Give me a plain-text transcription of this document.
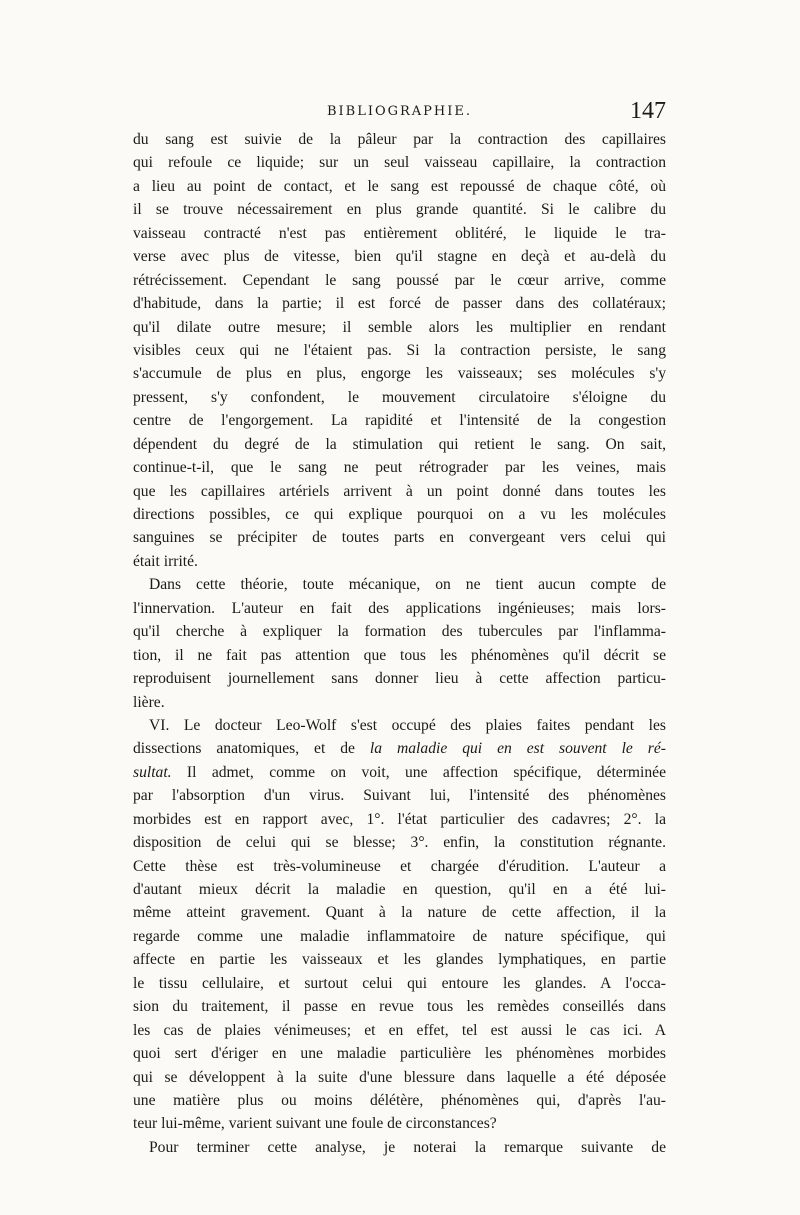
BIBLIOGRAPHIE.	147
du sang est suivie de la pâleur par la contraction des capillaires
qui refoule ce liquide; sur un seul vaisseau capillaire, la contraction
a lieu au point de contact, et le sang est repoussé de chaque côté, où
il se trouve nécessairement en plus grande quantité. Si le calibre du
vaisseau contracté n'est pas entièrement oblitéré, le liquide le tra-
verse avec plus de vitesse, bien qu'il stagne en deçà et au-delà du
rétrécissement. Cependant le sang poussé par le cœur arrive, comme
d'habitude, dans la partie; il est forcé de passer dans des collatéraux;
qu'il dilate outre mesure; il semble alors les multiplier en rendant
visibles ceux qui ne l'étaient pas. Si la contraction persiste, le sang
s'accumule de plus en plus, engorge les vaisseaux; ses molécules s'y
pressent, s'y confondent, le mouvement circulatoire s'éloigne du
centre de l'engorgement. La rapidité et l'intensité de la congestion
dépendent du degré de la stimulation qui retient le sang. On sait,
continue-t-il, que le sang ne peut rétrograder par les veines, mais
que les capillaires artériels arrivent à un point donné dans toutes les
directions possibles, ce qui explique pourquoi on a vu les molécules
sanguines se précipiter de toutes parts en convergeant vers celui qui
était irrité.
Dans cette théorie, toute mécanique, on ne tient aucun compte de
l'innervation. L'auteur en fait des applications ingénieuses; mais lors-
qu'il cherche à expliquer la formation des tubercules par l'inflamma-
tion, il ne fait pas attention que tous les phénomènes qu'il décrit se
reproduisent journellement sans donner lieu à cette affection particu-
lière.
VI. Le docteur Leo-Wolf s'est occupé des plaies faites pendant les
dissections anatomiques, et de la maladie qui en est souvent le ré-
sultat. Il admet, comme on voit, une affection spécifique, déterminée
par l'absorption d'un virus. Suivant lui, l'intensité des phénomènes
morbides est en rapport avec, 1°. l'état particulier des cadavres; 2°. la
disposition de celui qui se blesse; 3°. enfin, la constitution régnante.
Cette thèse est très-volumineuse et chargée d'érudition. L'auteur a
d'autant mieux décrit la maladie en question, qu'il en a été lui-
même atteint gravement. Quant à la nature de cette affection, il la
regarde comme une maladie inflammatoire de nature spécifique, qui
affecte en partie les vaisseaux et les glandes lymphatiques, en partie
le tissu cellulaire, et surtout celui qui entoure les glandes. A l'occa-
sion du traitement, il passe en revue tous les remèdes conseillés dans
les cas de plaies vénimeuses; et en effet, tel est aussi le cas ici. A
quoi sert d'ériger en une maladie particulière les phénomènes morbides
qui se développent à la suite d'une blessure dans laquelle a été déposée
une matière plus ou moins délétère, phénomènes qui, d'après l'au-
teur lui-même, varient suivant une foule de circonstances?
Pour terminer cette analyse, je noterai la remarque suivante de
